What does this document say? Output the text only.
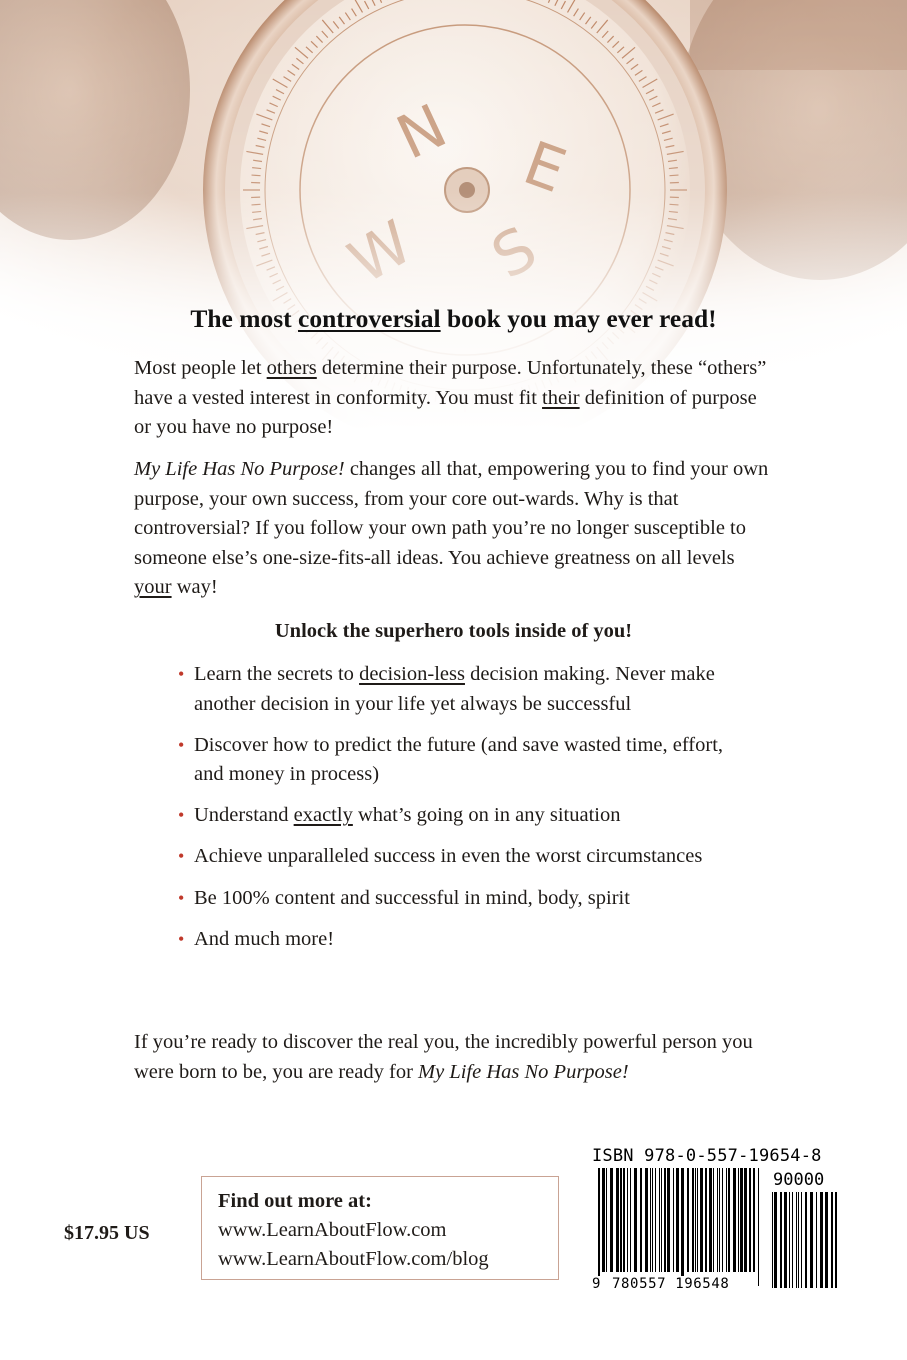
The most controversial book you may ever read!

Most people let others determine their purpose. Unfortunately, these “others” have a vested interest in conformity. You must fit their definition of purpose or you have no purpose!

My Life Has No Purpose! changes all that, empowering you to find your own purpose, your own success, from your core out-wards. Why is that controversial? If you follow your own path you’re no longer susceptible to someone else’s one-size-fits-all ideas. You achieve greatness on all levels your way!

Unlock the superhero tools inside of you!
• Learn the secrets to decision-less decision making. Never make another decision in your life yet always be successful
• Discover how to predict the future (and save wasted time, effort, and money in process)
• Understand exactly what’s going on in any situation
• Achieve unparalleled success in even the worst circumstances
• Be 100% content and successful in mind, body, spirit
• And much more!

If you’re ready to discover the real you, the incredibly powerful person you were born to be, you are ready for My Life Has No Purpose!

$17.95 US
Find out more at:
www.LearnAboutFlow.com
www.LearnAboutFlow.com/blog
ISBN 978-0-557-19654-8
90000
9 780557 196548
